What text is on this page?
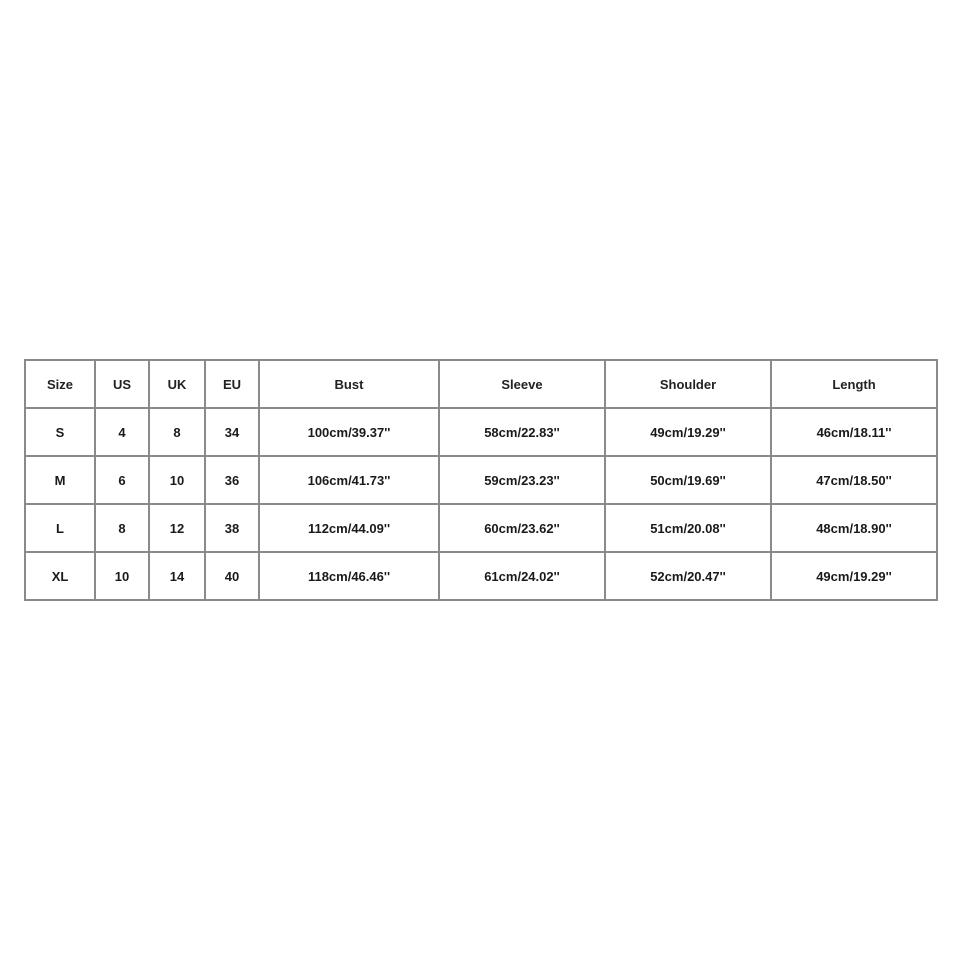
Size	US	UK	EU	Bust	Sleeve	Shoulder	Length
S	4	8	34	100cm/39.37''	58cm/22.83''	49cm/19.29''	46cm/18.11''
M	6	10	36	106cm/41.73''	59cm/23.23''	50cm/19.69''	47cm/18.50''
L	8	12	38	112cm/44.09''	60cm/23.62''	51cm/20.08''	48cm/18.90''
XL	10	14	40	118cm/46.46''	61cm/24.02''	52cm/20.47''	49cm/19.29''
